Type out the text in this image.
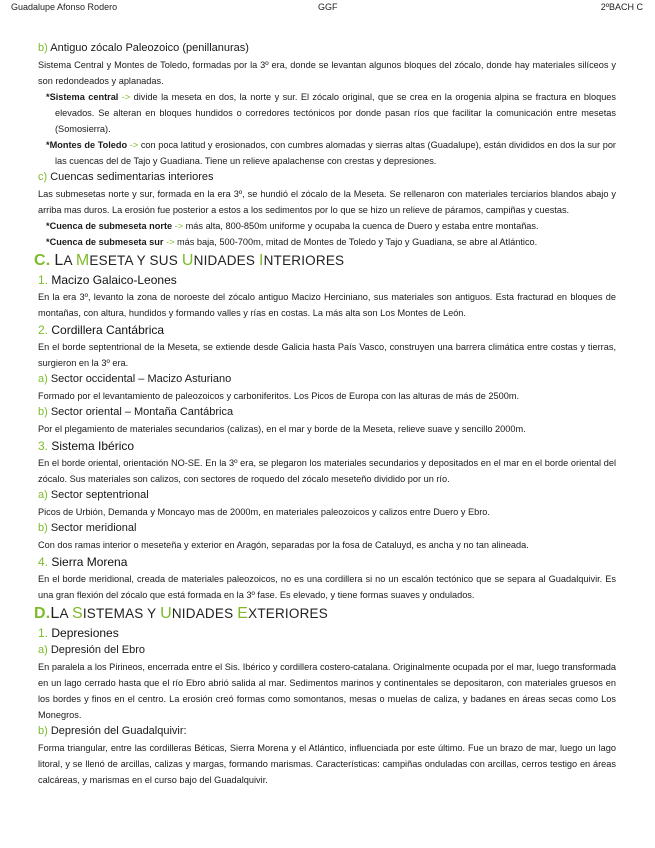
Guadalupe Afonso Rodero	GGF	2ºBACH C

b) Antiguo zócalo Paleozoico (penillanuras)

Sistema Central y Montes de Toledo, formadas por la 3º era, donde se levantan algunos bloques del zócalo, donde hay materiales silíceos y son redondeados y aplanadas.

*Sistema central -> divide la meseta en dos, la norte y sur. El zócalo original, que se crea en la orogenia alpina se fractura en bloques elevados. Se alteran en bloques hundidos o corredores tectónicos por donde pasan ríos que facilitar la comunicación entre mesetas (Somosierra).

*Montes de Toledo -> con poca latitud y erosionados, con cumbres alomadas y sierras altas (Guadalupe), están divididos en dos la sur por las cuencas del de Tajo y Guadiana. Tiene un relieve apalachense con crestas y depresiones.

c) Cuencas sedimentarias interiores

Las submesetas norte y sur, formada en la era 3º, se hundió el zócalo de la Meseta. Se rellenaron con materiales terciarios blandos abajo y arriba mas duros. La erosión fue posterior a estos a los sedimentos por lo que se hizo un relieve de páramos, campiñas y cuestas.

*Cuenca de submeseta norte -> más alta, 800-850m uniforme y ocupaba la cuenca de Duero y estaba entre montañas.

*Cuenca de submeseta sur -> más baja, 500-700m, mitad de Montes de Toledo y Tajo y Guadiana, se abre al Atlántico.

C. LA MESETA Y SUS UNIDADES INTERIORES

1. Macizo Galaico-Leones

En la era 3º, levanto la zona de noroeste del zócalo antiguo Macizo Herciniano, sus materiales son antiguos. Esta fracturad en bloques de montañas, con altura, hundidos y formando valles y rías en costas. La más alta son Los Montes de León.

2. Cordillera Cantábrica

En el borde septentrional de la Meseta, se extiende desde Galicia hasta País Vasco, construyen una barrera climática entre costas y tierras, surgieron en la 3º era.

a) Sector occidental – Macizo Asturiano

Formado por el levantamiento de paleozoicos y carboniferitos. Los Picos de Europa con las alturas de más de 2500m.

b) Sector oriental – Montaña Cantábrica

Por el plegamiento de materiales secundarios (calizas), en el mar y borde de la Meseta, relieve suave y sencillo 2000m.

3. Sistema Ibérico

En el borde oriental, orientación NO-SE. En la 3º era, se plegaron los materiales secundarios y depositados en el mar en el borde oriental del zócalo. Sus materiales son calizos, con sectores de roquedo del zócalo meseteño dividido por un río.

a) Sector septentrional

Picos de Urbión, Demanda y Moncayo mas de 2000m, en materiales paleozoicos y calizos entre Duero y Ebro.

b) Sector meridional

Con dos ramas interior o meseteña y exterior en Aragón, separadas por la fosa de Cataluyd, es ancha y no tan alineada.

4. Sierra Morena

En el borde meridional, creada de materiales paleozoicos, no es una cordillera si no un escalón tectónico que se separa al Guadalquivir. Es una gran flexión del zócalo que está formada en la 3º fase. Es elevado, y tiene formas suaves y ondulados.

D.LA SISTEMAS Y UNIDADES EXTERIORES

1. Depresiones

a) Depresión del Ebro

En paralela a los Pirineos, encerrada entre el Sis. Ibérico y cordillera costero-catalana. Originalmente ocupada por el mar, luego transformada en un lago cerrado hasta que el río Ebro abrió salida al mar. Sedimentos marinos y continentales se depositaron, con materiales gruesos en los bordes y finos en el centro. La erosión creó formas como somontanos, mesas o muelas de caliza, y badanes en áreas secas como Los Monegros.

b) Depresión del Guadalquivir:

Forma triangular, entre las cordilleras Béticas, Sierra Morena y el Atlántico, influenciada por este último. Fue un brazo de mar, luego un lago litoral, y se llenó de arcillas, calizas y margas, formando marismas. Características: campiñas onduladas con arcillas, cerros testigo en áreas calcáreas, y marismas en el curso bajo del Guadalquivir.
